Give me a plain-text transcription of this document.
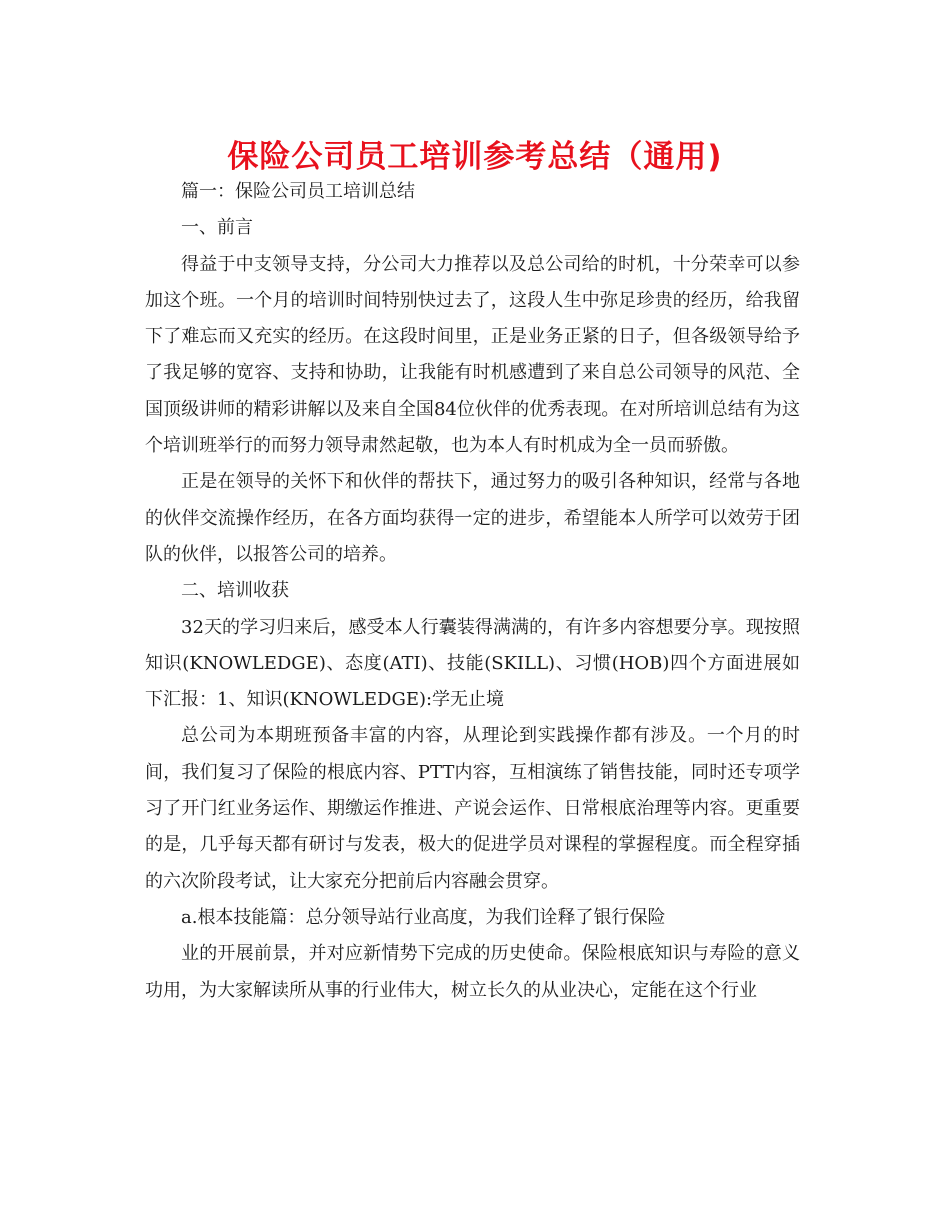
保险公司员工培训参考总结（通用)

篇一：保险公司员工培训总结

一、前言

得益于中支领导支持，分公司大力推荐以及总公司给的时机，十分荣幸可以参加这个班。一个月的培训时间特别快过去了，这段人生中弥足珍贵的经历，给我留下了难忘而又充实的经历。在这段时间里，正是业务正紧的日子，但各级领导给予了我足够的宽容、支持和协助，让我能有时机感遭到了来自总公司领导的风范、全国顶级讲师的精彩讲解以及来自全国84位伙伴的优秀表现。在对所培训总结有为这个培训班举行的而努力领导肃然起敬，也为本人有时机成为全一员而骄傲。

正是在领导的关怀下和伙伴的帮扶下，通过努力的吸引各种知识，经常与各地的伙伴交流操作经历，在各方面均获得一定的进步，希望能本人所学可以效劳于团队的伙伴，以报答公司的培养。

二、培训收获

32天的学习归来后，感受本人行囊装得满满的，有许多内容想要分享。现按照知识(KNOWLEDGE)、态度(ATI)、技能(SKILL)、习惯(HOB)四个方面进展如下汇报：1、知识(KNOWLEDGE):学无止境

总公司为本期班预备丰富的内容，从理论到实践操作都有涉及。一个月的时间，我们复习了保险的根底内容、PTT内容，互相演练了销售技能，同时还专项学习了开门红业务运作、期缴运作推进、产说会运作、日常根底治理等内容。更重要的是，几乎每天都有研讨与发表，极大的促进学员对课程的掌握程度。而全程穿插的六次阶段考试，让大家充分把前后内容融会贯穿。

a.根本技能篇：总分领导站行业高度，为我们诠释了银行保险

业的开展前景，并对应新情势下完成的历史使命。保险根底知识与寿险的意义功用，为大家解读所从事的行业伟大，树立长久的从业决心，定能在这个行业
